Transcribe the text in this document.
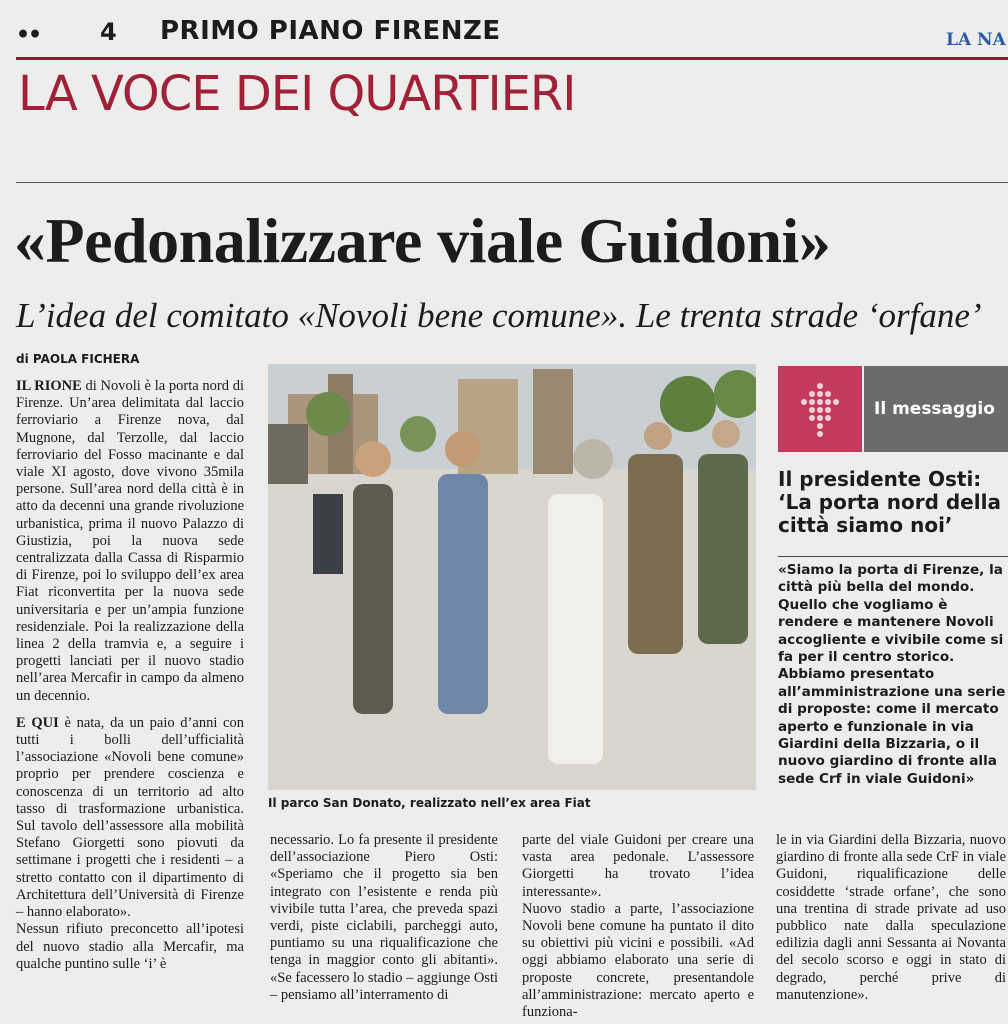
•• 4 PRIMO PIANO FIRENZE	LA NA
LA VOCE DEI QUARTIERI
«Pedonalizzare viale Guidoni»
L’idea del comitato «Novoli bene comune». Le trenta strade ‘orfane’
di PAOLA FICHERA

IL RIONE di Novoli è la porta nord di Firenze. Un’area delimitata dal laccio ferroviario a Firenze nova, dal Mugnone, dal Terzolle, dal laccio ferroviario del Fosso macinante e dal viale XI agosto, dove vivono 35mila persone. Sull’area nord della città è in atto da decenni una grande rivoluzione urbanistica, prima il nuovo Palazzo di Giustizia, poi la nuova sede centralizzata dalla Cassa di Risparmio di Firenze, poi lo sviluppo dell’ex area Fiat riconvertita per la nuova sede universitaria e per un’ampia funzione residenziale. Poi la realizzazione della linea 2 della tramvia e, a seguire i progetti lanciati per il nuovo stadio nell’area Mercafir in campo da almeno un decennio.

E QUI è nata, da un paio d’anni con tutti i bolli dell’ufficialità l’associazione «Novoli bene comune» proprio per prendere coscienza e conoscenza di un territorio ad alto tasso di trasformazione urbanistica. Sul tavolo dell’assessore alla mobilità Stefano Giorgetti sono piovuti da settimane i progetti che i residenti – a stretto contatto con il dipartimento di Architettura dell’Università di Firenze – hanno elaborato».

Nessun rifiuto preconcetto all’ipotesi del nuovo stadio alla Mercafir, ma qualche puntino sulle ‘i’ è

Il parco San Donato, realizzato nell’ex area Fiat

necessario. Lo fa presente il presidente dell’associazione Piero Osti: «Speriamo che il progetto sia ben integrato con l’esistente e renda più vivibile tutta l’area, che preveda spazi verdi, piste ciclabili, parcheggi auto, puntiamo su una riqualificazione che tenga in maggior conto gli abitanti». «Se facessero lo stadio – aggiunge Osti – pensiamo all’interramento di

parte del viale Guidoni per creare una vasta area pedonale. L’assessore Giorgetti ha trovato l’idea interessante».

Nuovo stadio a parte, l’associazione Novoli bene comune ha puntato il dito su obiettivi più vicini e possibili. «Ad oggi abbiamo elaborato una serie di proposte concrete, presentandole all’amministrazione: mercato aperto e funziona-

le in via Giardini della Bizzaria, nuovo giardino di fronte alla sede CrF in viale Guidoni, riqualificazione delle cosiddette ‘strade orfane’, che sono una trentina di strade private ad uso pubblico nate dalla speculazione edilizia dagli anni Sessanta ai Novanta del secolo scorso e oggi in stato di degrado, perché prive di manutenzione».

Il messaggio
Il presidente Osti: ‘La porta nord della città siamo noi’
«Siamo la porta di Firenze, la città più bella del mondo. Quello che vogliamo è rendere e mantenere Novoli accogliente e vivibile come si fa per il centro storico. Abbiamo presentato all’amministrazione una serie di proposte: come il mercato aperto e funzionale in via Giardini della Bizzaria, o il nuovo giardino di fronte alla sede Crf in viale Guidoni»
